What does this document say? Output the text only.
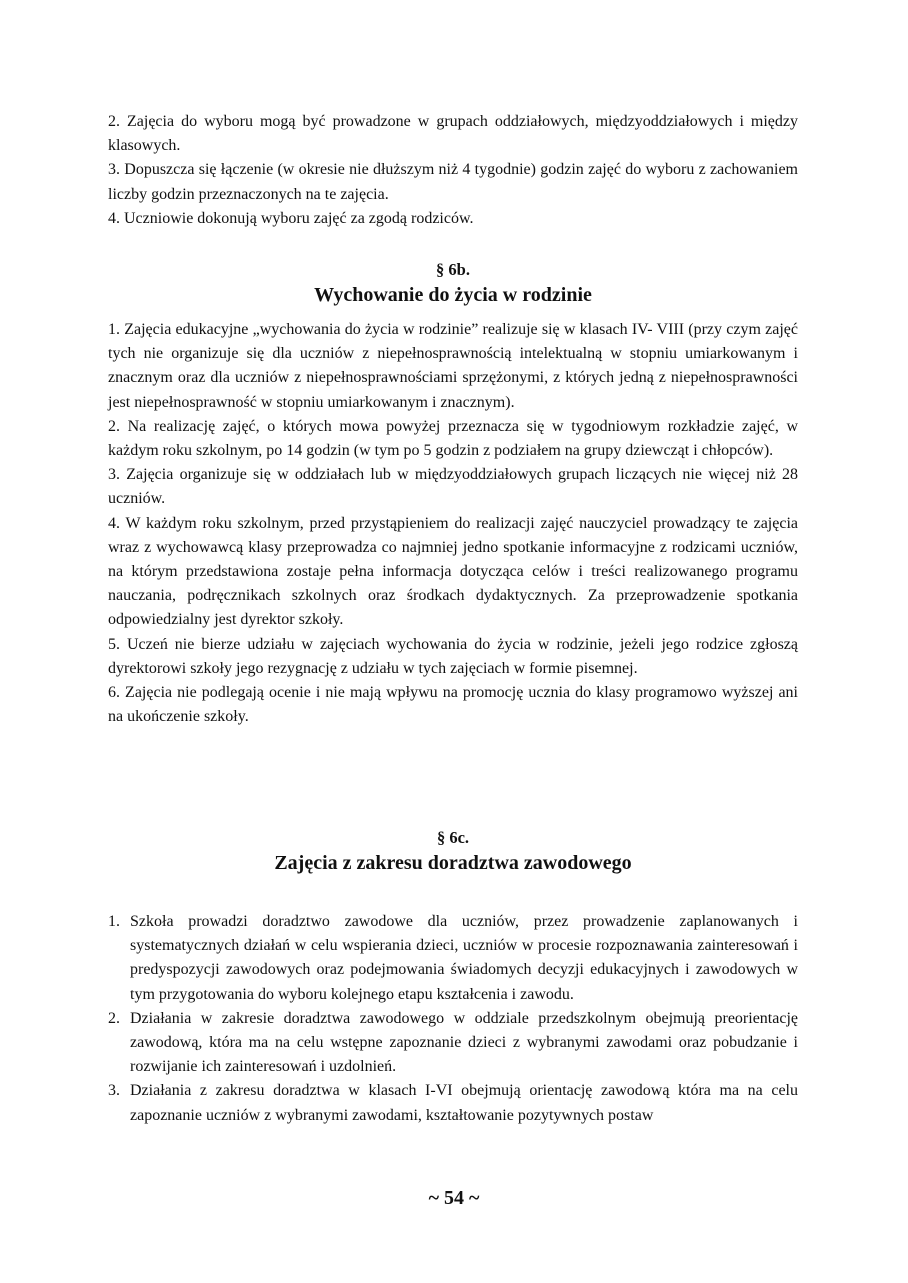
2. Zajęcia do wyboru mogą być prowadzone w grupach oddziałowych, międzyoddziałowych i między klasowych.

3. Dopuszcza się łączenie (w okresie nie dłuższym niż 4 tygodnie) godzin zajęć do wyboru z zachowaniem liczby godzin przeznaczonych na te zajęcia.

4. Uczniowie dokonują wyboru zajęć za zgodą rodziców.

§ 6b.

Wychowanie do życia w rodzinie

1. Zajęcia edukacyjne „wychowania do życia w rodzinie” realizuje się w klasach IV- VIII (przy czym zajęć tych nie organizuje się dla uczniów z niepełnosprawnością intelektualną w stopniu umiarkowanym i znacznym oraz dla uczniów z niepełnosprawnościami sprzężonymi, z których jedną z niepełnosprawności jest niepełnosprawność w stopniu umiarkowanym i znacznym).

2. Na realizację zajęć, o których mowa powyżej przeznacza się w tygodniowym rozkładzie zajęć, w każdym roku szkolnym, po 14 godzin (w tym po 5 godzin z podziałem na grupy dziewcząt i chłopców).

3. Zajęcia organizuje się w oddziałach lub w międzyoddziałowych grupach liczących nie więcej niż 28 uczniów.

4. W każdym roku szkolnym, przed przystąpieniem do realizacji zajęć nauczyciel prowadzący te zajęcia wraz z wychowawcą klasy przeprowadza co najmniej jedno spotkanie informacyjne z rodzicami uczniów, na którym przedstawiona zostaje pełna informacja dotycząca celów i treści realizowanego programu nauczania, podręcznikach szkolnych oraz środkach dydaktycznych. Za przeprowadzenie spotkania odpowiedzialny jest dyrektor szkoły.

5. Uczeń nie bierze udziału w zajęciach wychowania do życia w rodzinie, jeżeli jego rodzice zgłoszą dyrektorowi szkoły jego rezygnację z udziału w tych zajęciach w formie pisemnej.

6. Zajęcia nie podlegają ocenie i nie mają wpływu na promocję ucznia do klasy programowo wyższej ani na ukończenie szkoły.

§ 6c.

Zajęcia z zakresu doradztwa zawodowego

1. Szkoła prowadzi doradztwo zawodowe dla uczniów, przez prowadzenie zaplanowanych i systematycznych działań w celu wspierania dzieci, uczniów w procesie rozpoznawania zainteresowań i predyspozycji zawodowych oraz podejmowania świadomych decyzji edukacyjnych i zawodowych w tym przygotowania do wyboru kolejnego etapu kształcenia i zawodu.
2. Działania w zakresie doradztwa zawodowego w oddziale przedszkolnym obejmują preorientację zawodową, która ma na celu wstępne zapoznanie dzieci z wybranymi zawodami oraz pobudzanie i rozwijanie ich zainteresowań i uzdolnień.
3. Działania z zakresu doradztwa w klasach I-VI obejmują orientację zawodową która ma na celu zapoznanie uczniów z wybranymi zawodami, kształtowanie pozytywnych postaw
~ 54 ~
